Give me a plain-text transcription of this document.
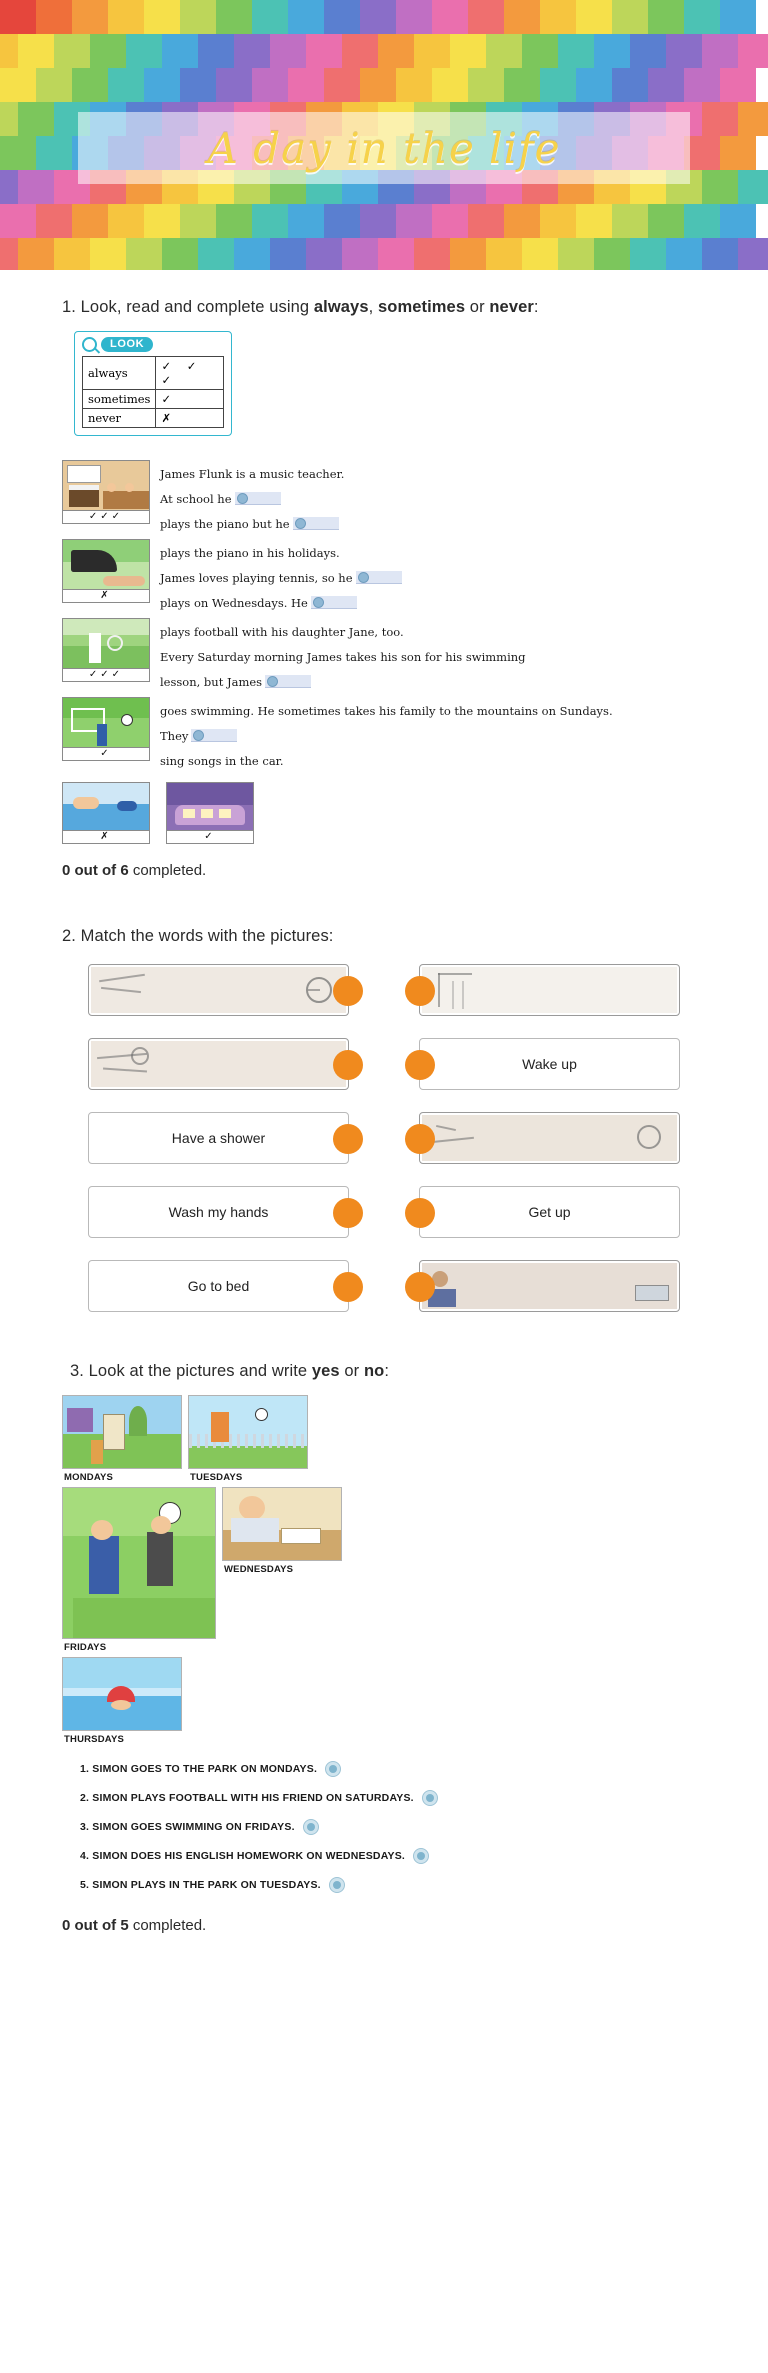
A day in the life
1. Look, read and complete using always, sometimes or never:
LOOK
always	✓ ✓ ✓
sometimes	✓
never	✗
✓✓✓
James Flunk is a music teacher.
At school he
plays the piano but he
✗
plays the piano in his holidays.
James loves playing tennis, so he
plays on Wednesdays. He
✓✓✓
plays football with his daughter Jane, too.
Every Saturday morning James takes his son for his swimming
lesson, but James
✓
goes swimming. He sometimes takes his family to the mountains on Sundays.
They
sing songs in the car.
✗	✓
0 out of 6 completed.
2. Match the words with the pictures:
Have a shower
Wash my hands
Go to bed
Wake up
Get up
3. Look at the pictures and write yes or no:
MONDAYS	TUESDAYS
FRIDAYS
WEDNESDAYS
THURSDAYS
1. SIMON GOES TO THE PARK ON MONDAYS.
2. SIMON PLAYS FOOTBALL WITH HIS FRIEND ON SATURDAYS.
3. SIMON GOES SWIMMING ON FRIDAYS.
4. SIMON DOES HIS ENGLISH HOMEWORK ON WEDNESDAYS.
5. SIMON PLAYS IN THE PARK ON TUESDAYS.
0 out of 5 completed.
